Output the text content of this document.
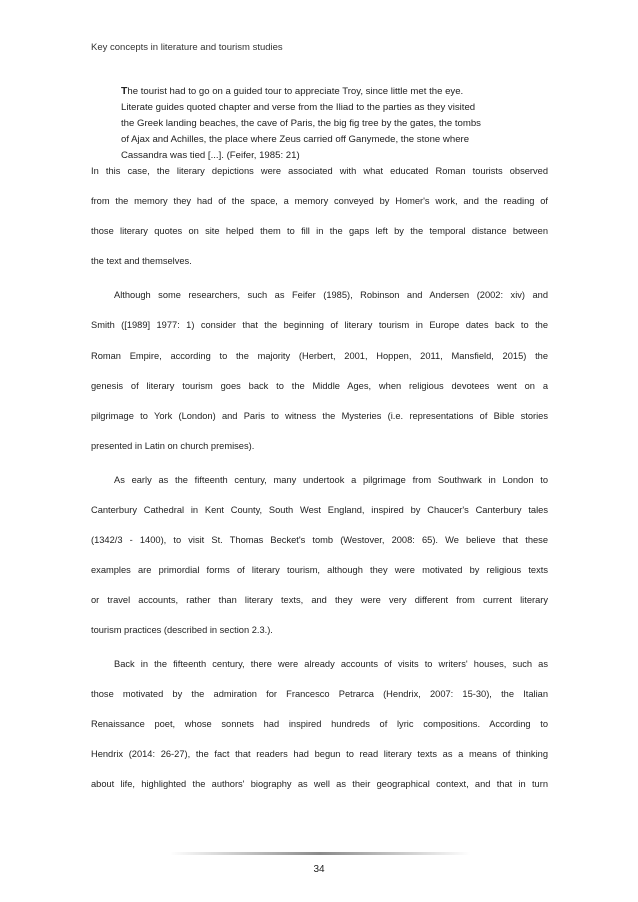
Key concepts in literature and tourism studies
The tourist had to go on a guided tour to appreciate Troy, since little met the eye.
Literate guides quoted chapter and verse from the Iliad to the parties as they visited
the Greek landing beaches, the cave of Paris, the big fig tree by the gates, the tombs
of Ajax and Achilles, the place where Zeus carried off Ganymede, the stone where
Cassandra was tied [...]. (Feifer, 1985: 21)
In this case, the literary depictions were associated with what educated Roman tourists observed
from the memory they had of the space, a memory conveyed by Homer's work, and the reading of
those literary quotes on site helped them to fill in the gaps left by the temporal distance between
the text and themselves.
Although some researchers, such as Feifer (1985), Robinson and Andersen (2002: xiv) and
Smith ([1989] 1977: 1) consider that the beginning of literary tourism in Europe dates back to the
Roman Empire, according to the majority (Herbert, 2001, Hoppen, 2011, Mansfield, 2015) the
genesis of literary tourism goes back to the Middle Ages, when religious devotees went on a
pilgrimage to York (London) and Paris to witness the Mysteries (i.e. representations of Bible stories
presented in Latin on church premises).
As early as the fifteenth century, many undertook a pilgrimage from Southwark in London to
Canterbury Cathedral in Kent County, South West England, inspired by Chaucer's Canterbury tales
(1342/3 - 1400), to visit St. Thomas Becket's tomb (Westover, 2008: 65). We believe that these
examples are primordial forms of literary tourism, although they were motivated by religious texts
or travel accounts, rather than literary texts, and they were very different from current literary
tourism practices (described in section 2.3.).
Back in the fifteenth century, there were already accounts of visits to writers' houses, such as
those motivated by the admiration for Francesco Petrarca (Hendrix, 2007: 15-30), the Italian
Renaissance poet, whose sonnets had inspired hundreds of lyric compositions. According to
Hendrix (2014: 26-27), the fact that readers had begun to read literary texts as a means of thinking
about life, highlighted the authors' biography as well as their geographical context, and that in turn
34
